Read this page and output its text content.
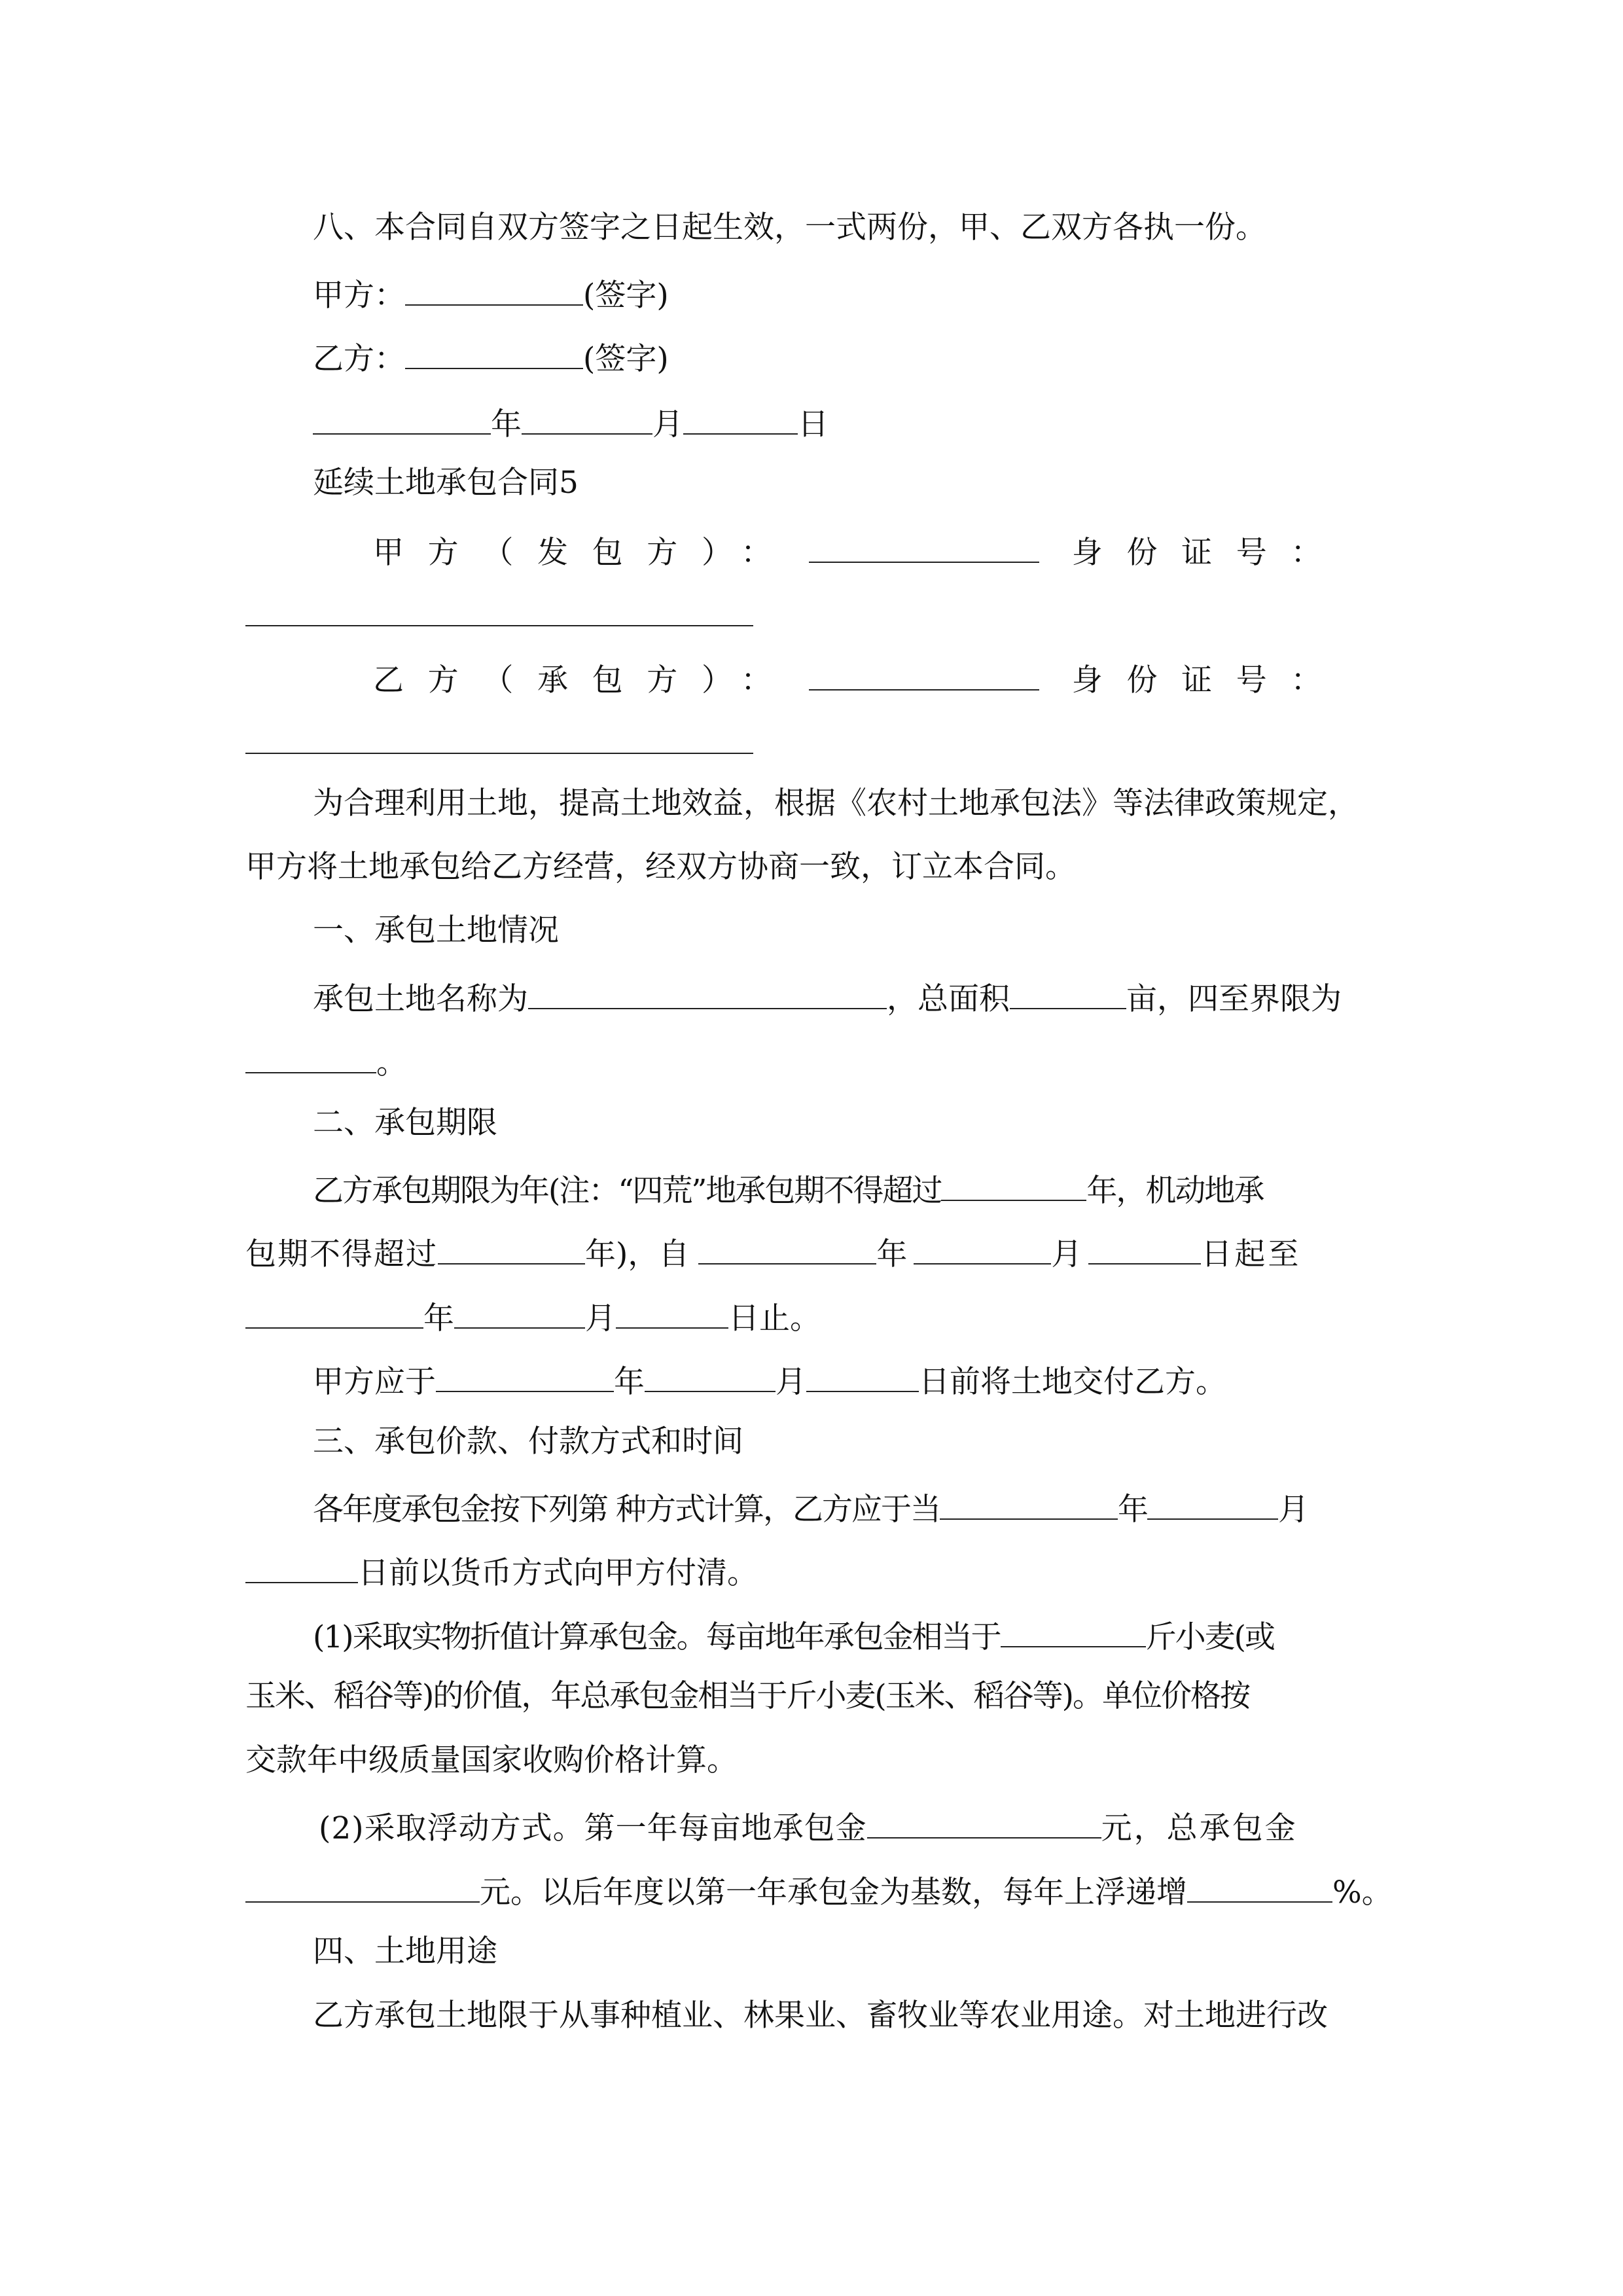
八、本合同自双方签字之日起生效，一式两份，甲、乙双方各执一份。
甲方：	(签字)
乙方：	(签字)
年	月	日
延续土地承包合同5
甲方（发包方）：	身份证号：
乙方（承包方）：	身份证号：
为合理利用土地，提高土地效益，根据《农村土地承包法》等法律政策规定，
甲方将土地承包给乙方经营，经双方协商一致，订立本合同。
一、承包土地情况
承包土地名称为	，总面积	亩，四至界限为
。
二、承包期限
乙方承包期限为年(注：“四荒”地承包期不得超过	年，机动地承
包期不得超过	年)，自	年	月	日起至
年	月	日止。
甲方应于	年	月	日前将土地交付乙方。
三、承包价款、付款方式和时间
各年度承包金按下列第 种方式计算，乙方应于当	年	月
日前以货币方式向甲方付清。
(1)采取实物折值计算承包金。每亩地年承包金相当于	斤小麦(或
玉米、稻谷等)的价值，年总承包金相当于斤小麦(玉米、稻谷等)。单位价格按
交款年中级质量国家收购价格计算。
(2)采取浮动方式。第一年每亩地承包金	元，总承包金
元。以后年度以第一年承包金为基数，每年上浮递增	%。
四、土地用途
乙方承包土地限于从事种植业、林果业、畜牧业等农业用途。对土地进行改
